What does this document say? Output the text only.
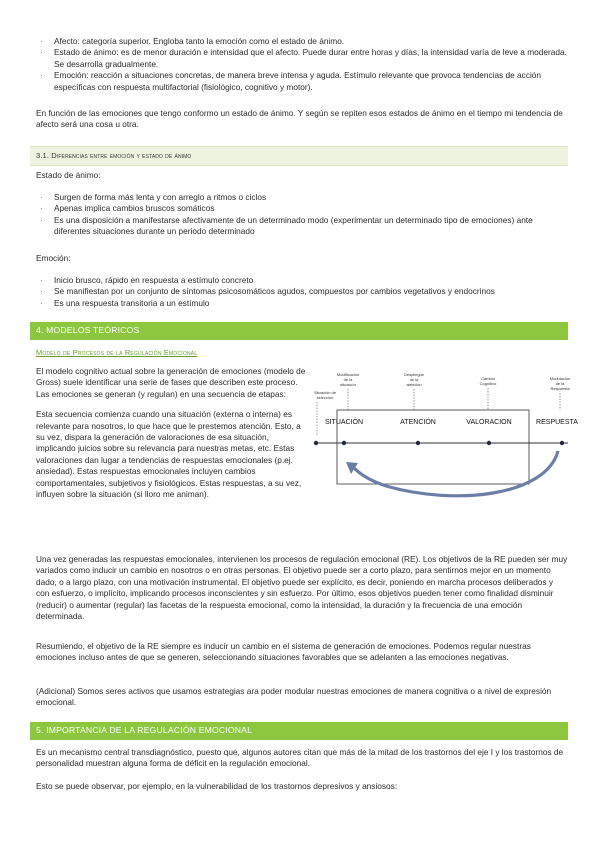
· Afecto: categoría superior. Engloba tanto la emoción como el estado de ánimo.
· Estado de ánimo: es de menor duración e intensidad que el afecto. Puede durar entre horas y días, la intensidad varía de leve a moderada. Se desarrolla gradualmente.
· Emoción: reacción a situaciones concretas, de manera breve intensa y aguda. Estímulo relevante que provoca tendencias de acción específicas con respuesta multifactorial (fisiológico, cognitivo y motor).

En función de las emociones que tengo conformo un estado de ánimo. Y según se repiten esos estados de ánimo en el tiempo mi tendencia de afecto será una cosa u otra.

3.1. Diferencias entre emoción y estado de ánimo

Estado de ánimo:

· Surgen de forma más lenta y con arreglo a ritmos o ciclos
· Apenas implica cambios bruscos somáticos
· Es una disposición a manifestarse afectivamente de un determinado modo (experimentar un determinado tipo de emociones) ante diferentes situaciones durante un periodo determinado

Emoción:

· Inicio brusco, rápido en respuesta a estímulo concreto
· Se manifiestan por un conjunto de síntomas psicosomáticos agudos, compuestos por cambios vegetativos y endocrinos
· Es una respuesta transitoria a un estímulo
4. MODELOS TEÓRICOS
Modelo de Procesos de la Regulación Emocional

El modelo cognitivo actual sobre la generación de emociones (modelo de Gross) suele identificar una serie de fases que describen este proceso. Las emociones se generan (y regulan) en una secuencia de etapas:

Esta secuencia comienza cuando una situación (externa o interna) es relevante para nosotros, lo que hace que le prestemos atención. Esto, a su vez, dispara la generación de valoraciones de esa situación, implicando juicios sobre su relevancia para nuestras metas, etc. Estas valoraciones dan lugar a tendencias de respuestas emocionales (p.ej. ansiedad). Estas respuestas emocionales incluyen cambios comportamentales, subjetivos y fisiológicos. Estas respuestas, a su vez, influyen sobre la situación (si lloro me animan).

Situación de selección
Modificación de la situación
Despliegue de la atención
Cambio Cognitivo
Modulación de la Respuesta
SITUACIÓN	ATENCIÓN	VALORACION	RESPUESTA

Una vez generadas las respuestas emocionales, intervienen los procesos de regulación emocional (RE). Los objetivos de la RE pueden ser muy variados como inducir un cambio en nosotros o en otras personas. El objetivo puede ser a corto plazo, para sentirnos mejor en un momento dado, o a largo plazo, con una motivación instrumental. El objetivo puede ser explícito, es decir, poniendo en marcha procesos deliberados y con esfuerzo, o implícito, implicando procesos inconscientes y sin esfuerzo. Por último, esos objetivos pueden tener como finalidad disminuir (reducir) o aumentar (regular) las facetas de la respuesta emocional, como la intensidad, la duración y la frecuencia de una emoción determinada.

Resumiendo, el objetivo de la RE siempre es inducir un cambio en el sistema de generación de emociones. Podemos regular nuestras emociones incluso antes de que se generen, seleccionando situaciones favorables que se adelanten a las emociones negativas.

(Adicional) Somos seres activos que usamos estrategias ara poder modular nuestras emociones de manera cognitiva o a nivel de expresión emocional.

5. IMPORTANCIA DE LA REGULACIÓN EMOCIONAL

Es un mecanismo central transdiagnóstico, puesto que, algunos autores citan que más de la mitad de los trastornos del eje I y los trastornos de personalidad muestran alguna forma de déficit en la regulación emocional.

Esto se puede observar, por ejemplo, en la vulnerabilidad de los trastornos depresivos y ansiosos:
